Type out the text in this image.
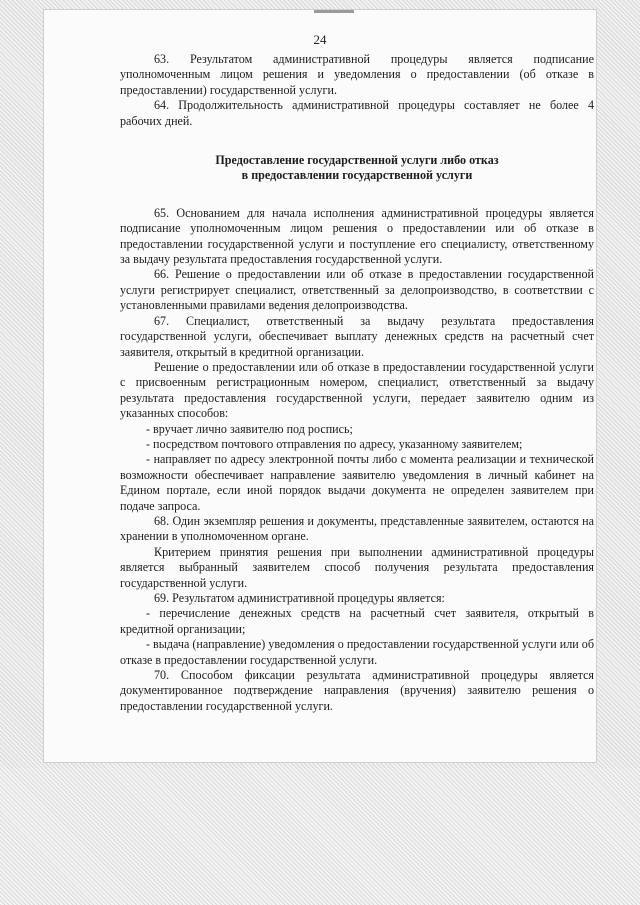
24

63. Результатом административной процедуры является подписание уполномоченным лицом решения и уведомления о предоставлении (об отказе в предоставлении) государственной услуги.

64. Продолжительность административной процедуры составляет не более 4 рабочих дней.

Предоставление государственной услуги либо отказ
в предоставлении государственной услуги

65. Основанием для начала исполнения административной процедуры является подписание уполномоченным лицом решения о предоставлении или об отказе в предоставлении государственной услуги и поступление его специалисту, ответственному за выдачу результата предоставления государственной услуги.

66. Решение о предоставлении или об отказе в предоставлении государственной услуги регистрирует специалист, ответственный за делопроизводство, в соответствии с установленными правилами ведения делопроизводства.

67. Специалист, ответственный за выдачу результата предоставления государственной услуги, обеспечивает выплату денежных средств на расчетный счет заявителя, открытый в кредитной организации.

Решение о предоставлении или об отказе в предоставлении государственной услуги с присвоенным регистрационным номером, специалист, ответственный за выдачу результата предоставления государственной услуги, передает заявителю одним из указанных способов:

- вручает лично заявителю под роспись;

- посредством почтового отправления по адресу, указанному заявителем;

- направляет по адресу электронной почты либо с момента реализации и технической возможности обеспечивает направление заявителю уведомления в личный кабинет на Едином портале, если иной порядок выдачи документа не определен заявителем при подаче запроса.

68. Один экземпляр решения и документы, представленные заявителем, остаются на хранении в уполномоченном органе.

Критерием принятия решения при выполнении административной процедуры является выбранный заявителем способ получения результата предоставления государственной услуги.

69. Результатом административной процедуры является:

- перечисление денежных средств на расчетный счет заявителя, открытый в кредитной организации;

- выдача (направление) уведомления о предоставлении государственной услуги или об отказе в предоставлении государственной услуги.

70. Способом фиксации результата административной процедуры является документированное подтверждение направления (вручения) заявителю решения о предоставлении государственной услуги.
